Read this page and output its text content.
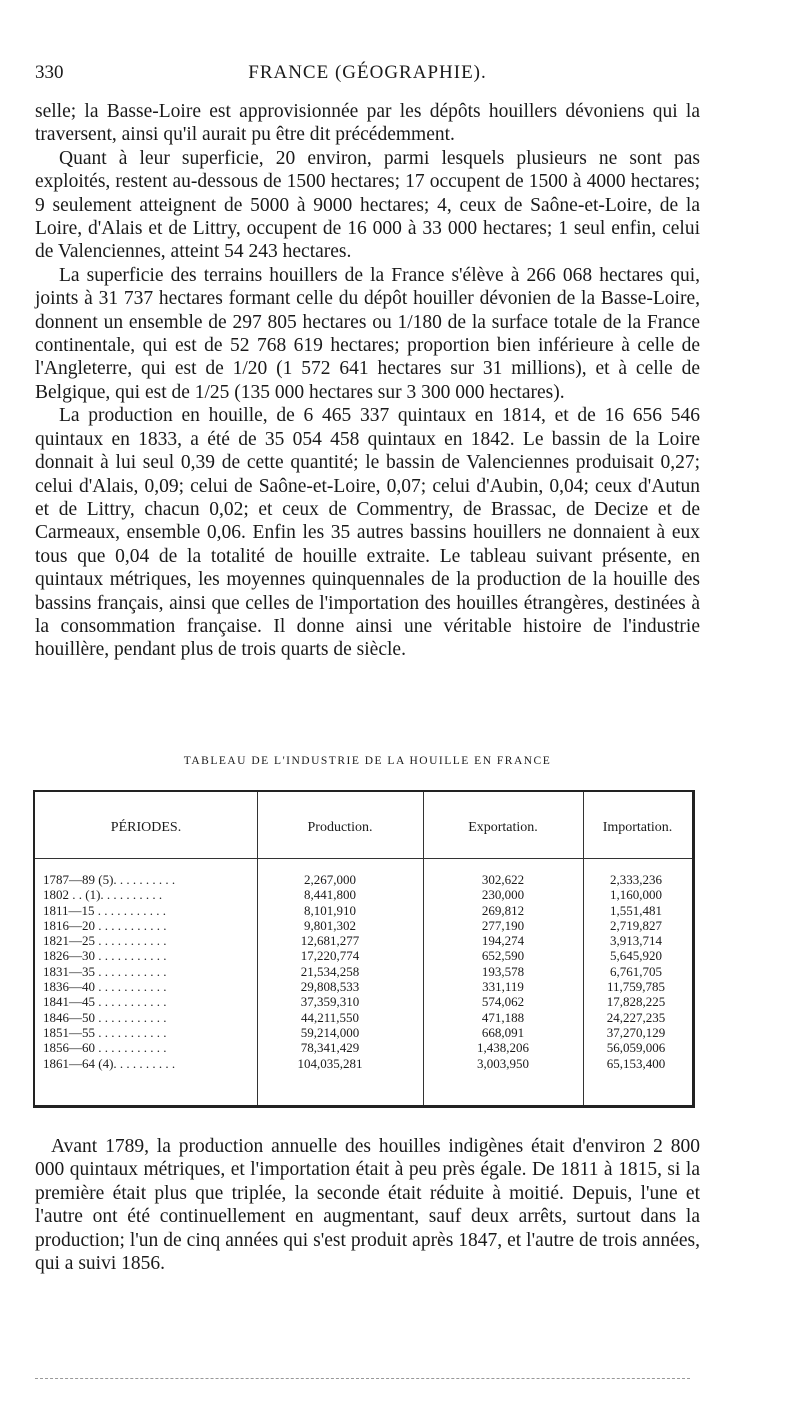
330	FRANCE (GÉOGRAPHIE).

selle; la Basse-Loire est approvisionnée par les dépôts houillers dévoniens qui la traversent, ainsi qu'il aurait pu être dit précédemment.

Quant à leur superficie, 20 environ, parmi lesquels plusieurs ne sont pas exploités, restent au-dessous de 1500 hectares; 17 occupent de 1500 à 4000 hectares; 9 seulement atteignent de 5000 à 9000 hectares; 4, ceux de Saône-et-Loire, de la Loire, d'Alais et de Littry, occupent de 16 000 à 33 000 hectares; 1 seul enfin, celui de Valenciennes, atteint 54 243 hectares.

La superficie des terrains houillers de la France s'élève à 266 068 hectares qui, joints à 31 737 hectares formant celle du dépôt houiller dévonien de la Basse-Loire, donnent un ensemble de 297 805 hectares ou 1/180 de la surface totale de la France continentale, qui est de 52 768 619 hectares; proportion bien inférieure à celle de l'Angleterre, qui est de 1/20 (1 572 641 hectares sur 31 millions), et à celle de Belgique, qui est de 1/25 (135 000 hectares sur 3 300 000 hectares).

La production en houille, de 6 465 337 quintaux en 1814, et de 16 656 546 quintaux en 1833, a été de 35 054 458 quintaux en 1842. Le bassin de la Loire donnait à lui seul 0,39 de cette quantité; le bassin de Valenciennes produisait 0,27; celui d'Alais, 0,09; celui de Saône-et-Loire, 0,07; celui d'Aubin, 0,04; ceux d'Autun et de Littry, chacun 0,02; et ceux de Commentry, de Brassac, de Decize et de Carmeaux, ensemble 0,06. Enfin les 35 autres bassins houillers ne donnaient à eux tous que 0,04 de la totalité de houille extraite. Le tableau suivant présente, en quintaux métriques, les moyennes quinquennales de la production de la houille des bassins français, ainsi que celles de l'importation des houilles étrangères, destinées à la consommation française. Il donne ainsi une véritable histoire de l'industrie houillère, pendant plus de trois quarts de siècle.

TABLEAU DE L'INDUSTRIE DE LA HOUILLE EN FRANCE
PÉRIODES.	Production.	Exportation.	Importation.
1787—89 (5). . . . . . . . . .	2,267,000	302,622	2,333,236
1802 . . (1). . . . . . . . . .	8,441,800	230,000	1,160,000
1811—15 . . . . . . . . . . .	8,101,910	269,812	1,551,481
1816—20 . . . . . . . . . . .	9,801,302	277,190	2,719,827
1821—25 . . . . . . . . . . .	12,681,277	194,274	3,913,714
1826—30 . . . . . . . . . . .	17,220,774	652,590	5,645,920
1831—35 . . . . . . . . . . .	21,534,258	193,578	6,761,705
1836—40 . . . . . . . . . . .	29,808,533	331,119	11,759,785
1841—45 . . . . . . . . . . .	37,359,310	574,062	17,828,225
1846—50 . . . . . . . . . . .	44,211,550	471,188	24,227,235
1851—55 . . . . . . . . . . .	59,214,000	668,091	37,270,129
1856—60 . . . . . . . . . . .	78,341,429	1,438,206	56,059,006
1861—64 (4). . . . . . . . . .	104,035,281	3,003,950	65,153,400

Avant 1789, la production annuelle des houilles indigènes était d'environ 2 800 000 quintaux métriques, et l'importation était à peu près égale. De 1811 à 1815, si la première était plus que triplée, la seconde était réduite à moitié. Depuis, l'une et l'autre ont été continuellement en augmentant, sauf deux arrêts, surtout dans la production; l'un de cinq années qui s'est produit après 1847, et l'autre de trois années, qui a suivi 1856.
